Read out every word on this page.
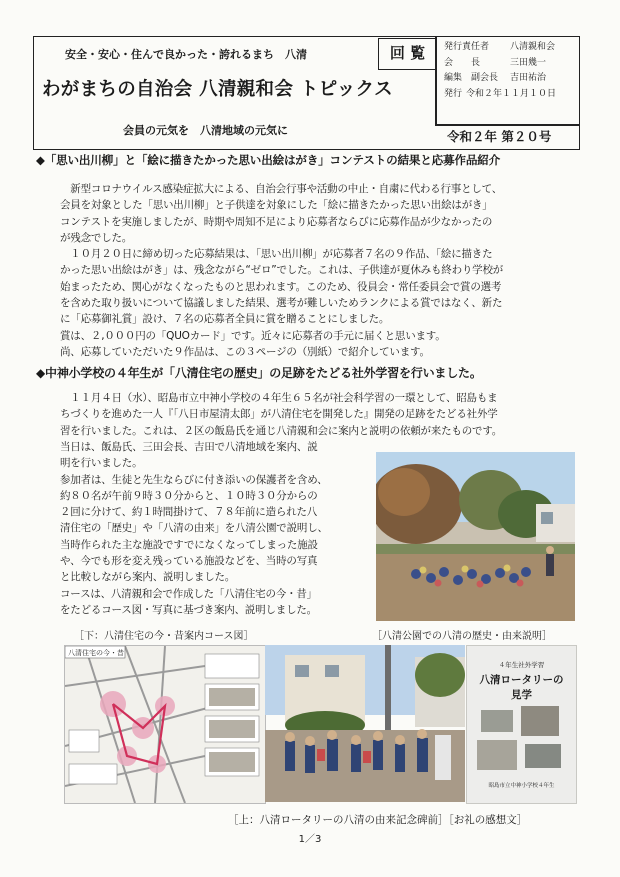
回 覧
安全・安心・住んで良かった・誇れるまち　八清
わがまちの自治会 八清親和会 トピックス
会員の元気を　八清地域の元気に
発行責任者 八清親和会
会　　長	三田幾一
編集　副会長 吉田祐治
発行 令和２年１１月１０日
令和２年 第２０号
◆「思い出川柳」と「絵に描きたかった思い出絵はがき」コンテストの結果と応募作品紹介
　新型コロナウイルス感染症拡大による、自治会行事や活動の中止・自粛に代わる行事として、
会員を対象とした「思い出川柳」と子供達を対象にした「絵に描きたかった思い出絵はがき」
コンテストを実施しましたが、時期や周知不足により応募者ならびに応募作品が少なかったの
が残念でした。
　１０月２０日に締め切った応募結果は、「思い出川柳」が応募者７名の９作品、「絵に描きた
かった思い出絵はがき」は、残念ながら“ゼロ”でした。これは、子供達が夏休みも終わり学校が
始まったため、関心がなくなったものと思われます。このため、役員会・常任委員会で賞の選考
を含めた取り扱いについて協議しました結果、選考が難しいためランクによる賞ではなく、新た
に「応募御礼賞」設け、７名の応募者全員に賞を贈ることにしました。
賞は、２,０００円の「QUOカード」です。近々に応募者の手元に届くと思います。
尚、応募していただいた９作品は、この３ページの（別紙）で紹介しています。
◆中神小学校の４年生が「八清住宅の歴史」の足跡をたどる社外学習を行いました。
　１１月４日（水）、昭島市立中神小学校の４年生６５名が社会科学習の一環として、昭島もま
ちづくりを進めた一人『「八日市屋清太郎」が八清住宅を開発した』開発の足跡をたどる社外学
習を行いました。これは、２区の飯島氏を通じ八清親和会に案内と説明の依頼が来たものです。
当日は、飯島氏、三田会長、吉田で八清地域を案内、説
明を行いました。
参加者は、生徒と先生ならびに付き添いの保護者を含め、
約８０名が午前９時３０分からと、１０時３０分からの
２回に分けて、約１時間掛けて、７８年前に造られた八
清住宅の「歴史」や「八清の由来」を八清公園で説明し、
当時作られた主な施設ですでになくなってしまった施設
や、今でも形を変え残っている施設などを、当時の写真
と比較しながら案内、説明しました。
コースは、八清親和会で作成した「八清住宅の今・昔」
をたどるコース図・写真に基づき案内、説明しました。
［下：八清住宅の今・昔案内コース図］	［八清公園での八清の歴史・由来説明］
八清住宅の今・昔
４年生社外学習
八清ロータリーの
見学
昭島市立中神小学校４年生
［上：八清ロータリーの八清の由来記念碑前］［お礼の感想文］
1／3
